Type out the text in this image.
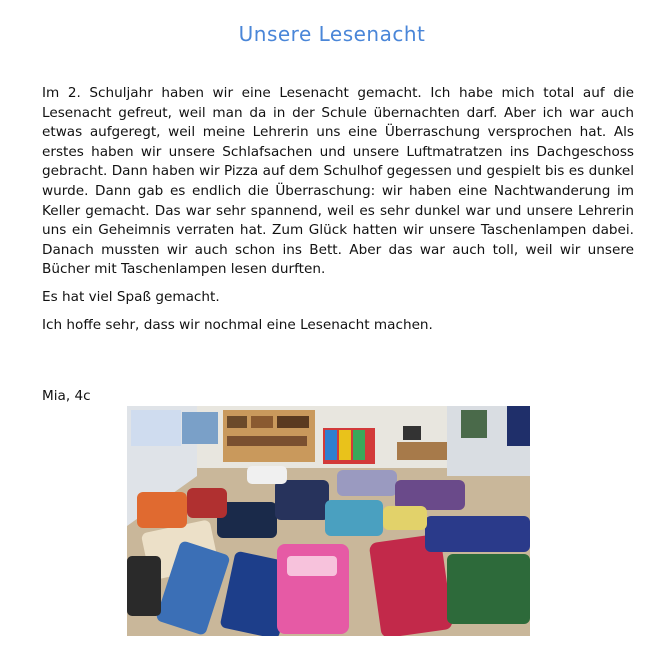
Unsere Lesenacht

Im 2. Schuljahr haben wir eine Lesenacht gemacht. Ich habe mich total auf die Lesenacht gefreut, weil man da in der Schule übernachten darf. Aber ich war auch etwas aufgeregt, weil meine Lehrerin uns eine Überraschung versprochen hat. Als erstes haben wir unsere Schlafsachen und unsere Luftmatratzen ins Dachgeschoss gebracht. Dann haben wir Pizza auf dem Schulhof gegessen und gespielt bis es dunkel wurde. Dann gab es endlich die Überraschung: wir haben eine Nachtwanderung im Keller gemacht. Das war sehr spannend, weil es sehr dunkel war und unsere Lehrerin uns ein Geheimnis verraten hat. Zum Glück hatten wir unsere Taschenlampen dabei. Danach mussten wir auch schon ins Bett. Aber das war auch toll, weil wir unsere Bücher mit Taschenlampen lesen durften.

Es hat viel Spaß gemacht.

Ich hoffe sehr, dass wir nochmal eine Lesenacht machen.

Mia, 4c
